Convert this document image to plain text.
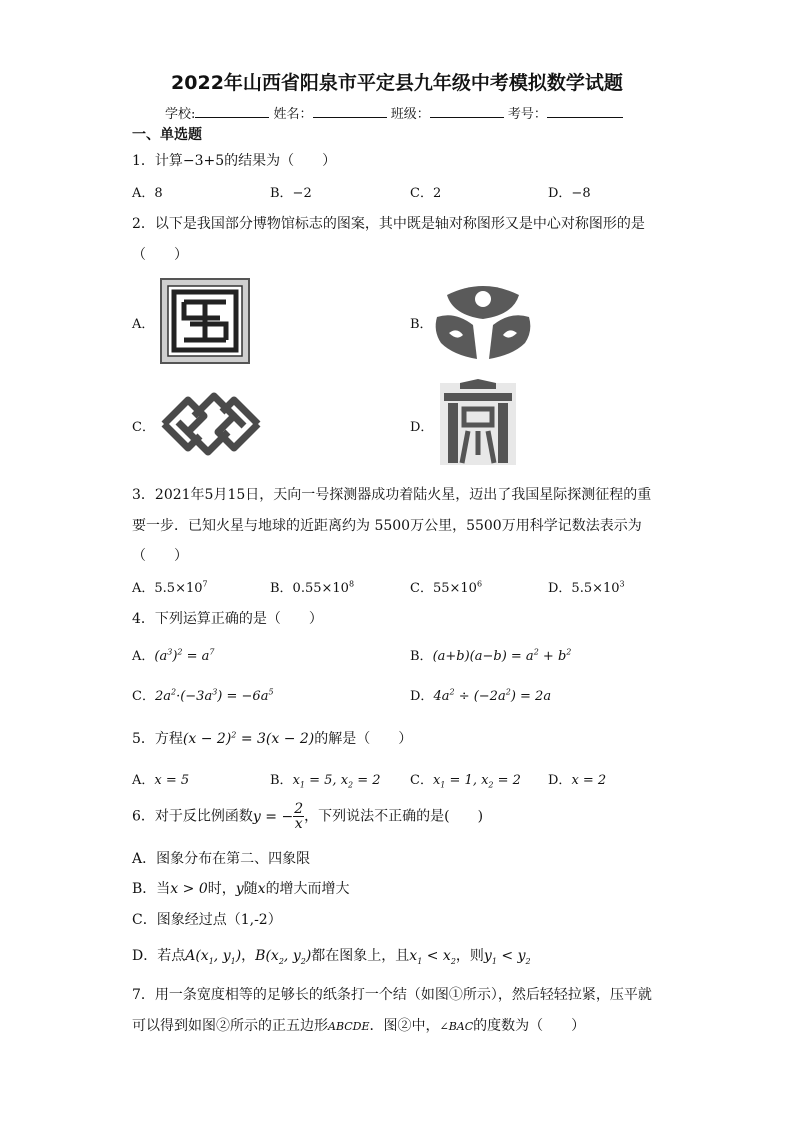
2022年山西省阳泉市平定县九年级中考模拟数学试题
学校:	姓名：	班级：	考号：
一、单选题
1．计算−3+5的结果为（　　）
A．8	B．−2	C．2	D．−8
2．以下是我国部分博物馆标志的图案，其中既是轴对称图形又是中心对称图形的是
（　　）
A．	B．
C．	D．
3．2021年5月15日，天向一号探测器成功着陆火星，迈出了我国星际探测征程的重
要一步．已知火星与地球的近距离约为 5500万公里，5500万用科学记数法表示为
（　　）
A．$5.5\times 10^7$	B．$0.55\times 10^8$	C．$55\times 10^6$	D．$5.5\times 10^3$
4．下列运算正确的是（　　）
A．$(a^3)^2 = a^7$	B．$(a+b)(a-b) = a^2 + b^2$
C．$2a^2\cdot(-3a^3) = -6a^5$	D．$4a^2 \div (-2a^2) = 2a$
5．方程$(x - 2)^2 = 3(x - 2)$的解是（　　）
A．x = 5	B．$x_1 = 5$, $x_2 = 2$ C．$x_1 = 1$, $x_2 = 2$ D．x = 2
6．对于反比例函数y = − $\frac{2}{x}$ ，下列说法不正确的是(　　)
A．图象分布在第二、四象限
B．当x > 0时，y随x的增大而增大
C．图象经过点（1,-2）
D．若点$A(x_1$, $y_1$)，$B(x_2$, $y_2$)都在图象上，且$x_1 < x_2$，则$y_1 < y_2$
7．用一条宽度相等的足够长的纸条打一个结（如图①所示），然后轻轻拉紧，压平就
可以得到如图②所示的正五边形ABCDE．图②中，∠BAC的度数为（　　）
